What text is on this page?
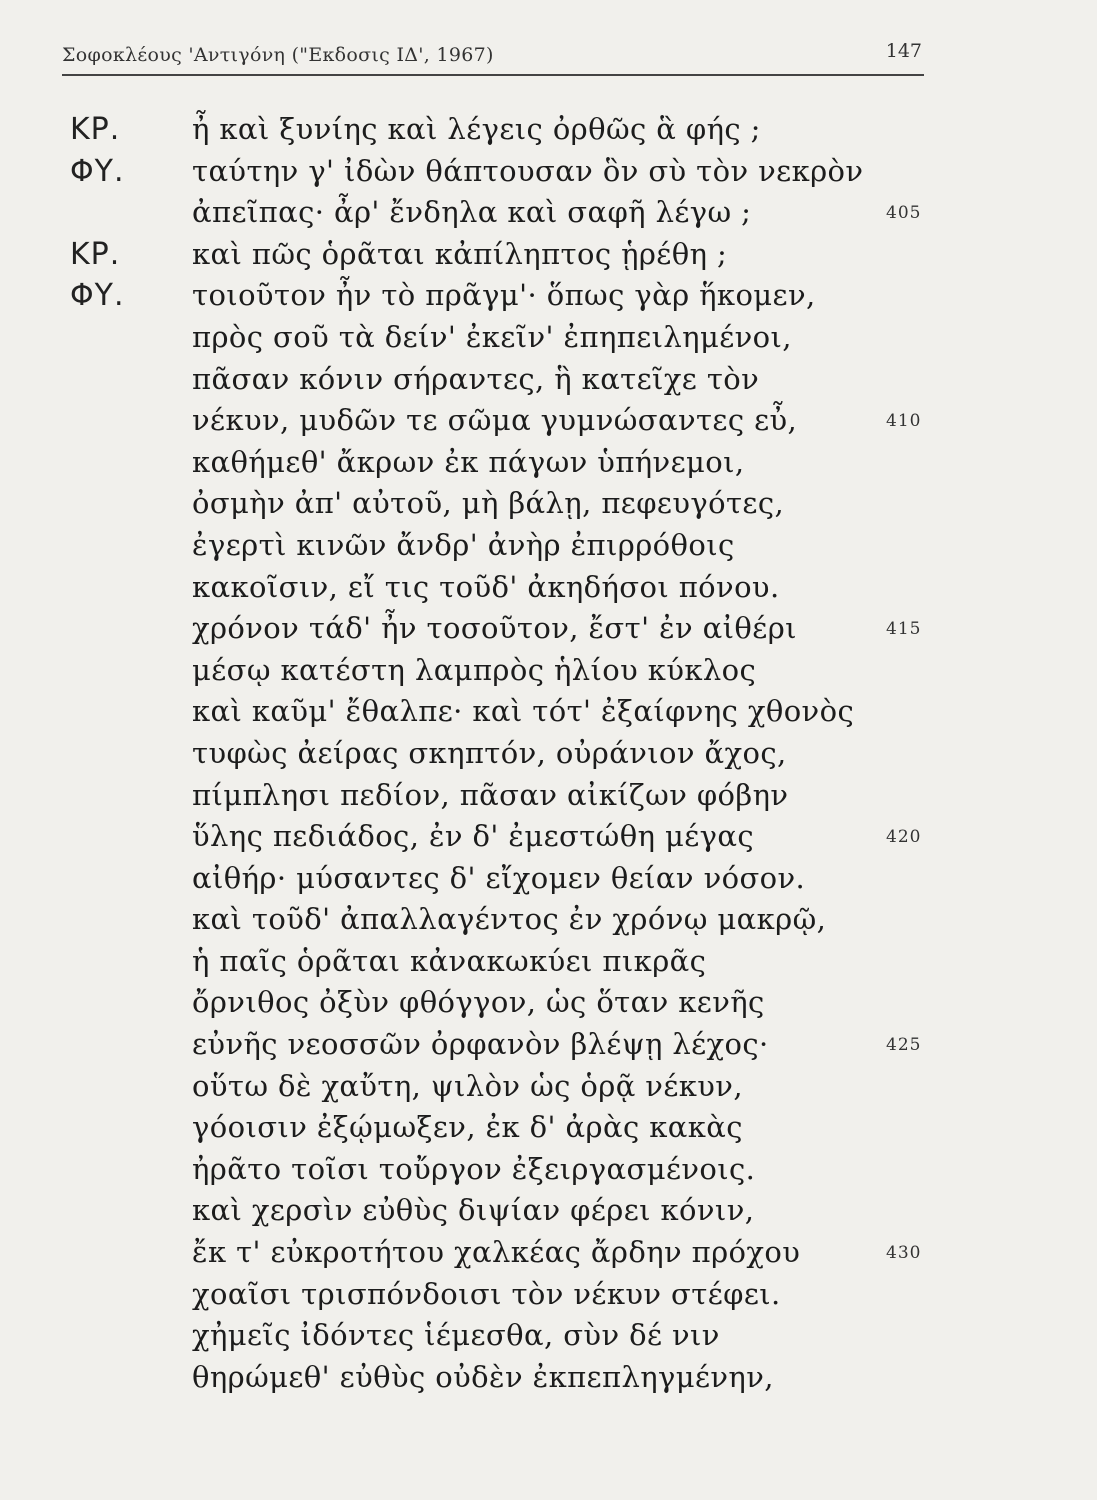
Σοφοκλέους 'Αντιγόνη ("Εκδοσις ΙΔ', 1967)	147
ΚΡ. ἦ καὶ ξυνίης καὶ λέγεις ὀρθῶς ἃ φής ;
ΦΥ. ταύτην γ' ἰδὼν θάπτουσαν ὃν σὺ τὸν νεκρὸν
ἀπεῖπας· ἆρ' ἔνδηλα καὶ σαφῆ λέγω ;	405
ΚΡ. καὶ πῶς ὁρᾶται κἀπίληπτος ᾑρέθη ;
ΦΥ. τοιοῦτον ἦν τὸ πρᾶγμ'· ὅπως γὰρ ἥκομεν,
πρὸς σοῦ τὰ δείν' ἐκεῖν' ἐπηπειλημένοι,
πᾶσαν κόνιν σήραντες, ἣ κατεῖχε τὸν
νέκυν, μυδῶν τε σῶμα γυμνώσαντες εὖ,	410
καθήμεθ' ἄκρων ἐκ πάγων ὑπήνεμοι,
ὀσμὴν ἀπ' αὐτοῦ, μὴ βάλῃ, πεφευγότες,
ἐγερτὶ κινῶν ἄνδρ' ἀνὴρ ἐπιρρόθοις
κακοῖσιν, εἴ τις τοῦδ' ἀκηδήσοι πόνου.
χρόνον τάδ' ἦν τοσοῦτον, ἔστ' ἐν αἰθέρι	415
μέσῳ κατέστη λαμπρὸς ἡλίου κύκλος
καὶ καῦμ' ἔθαλπε· καὶ τότ' ἐξαίφνης χθονὸς
τυφὼς ἀείρας σκηπτόν, οὐράνιον ἄχος,
πίμπλησι πεδίον, πᾶσαν αἰκίζων φόβην
ὕλης πεδιάδος, ἐν δ' ἐμεστώθη μέγας	420
αἰθήρ· μύσαντες δ' εἴχομεν θείαν νόσον.
καὶ τοῦδ' ἀπαλλαγέντος ἐν χρόνῳ μακρῷ,
ἡ παῖς ὁρᾶται κἀνακωκύει πικρᾶς
ὄρνιθος ὀξὺν φθόγγον, ὡς ὅταν κενῆς
εὐνῆς νεοσσῶν ὀρφανὸν βλέψῃ λέχος·	425
οὕτω δὲ χαὔτη, ψιλὸν ὡς ὁρᾷ νέκυν,
γόοισιν ἐξῴμωξεν, ἐκ δ' ἀρὰς κακὰς
ἠρᾶτο τοῖσι τοὔργον ἐξειργασμένοις.
καὶ χερσὶν εὐθὺς διψίαν φέρει κόνιν,
ἔκ τ' εὐκροτήτου χαλκέας ἄρδην πρόχου	430
χοαῖσι τρισπόνδοισι τὸν νέκυν στέφει.
χἠμεῖς ἰδόντες ἱέμεσθα, σὺν δέ νιν
θηρώμεθ' εὐθὺς οὐδὲν ἐκπεπληγμένην,
